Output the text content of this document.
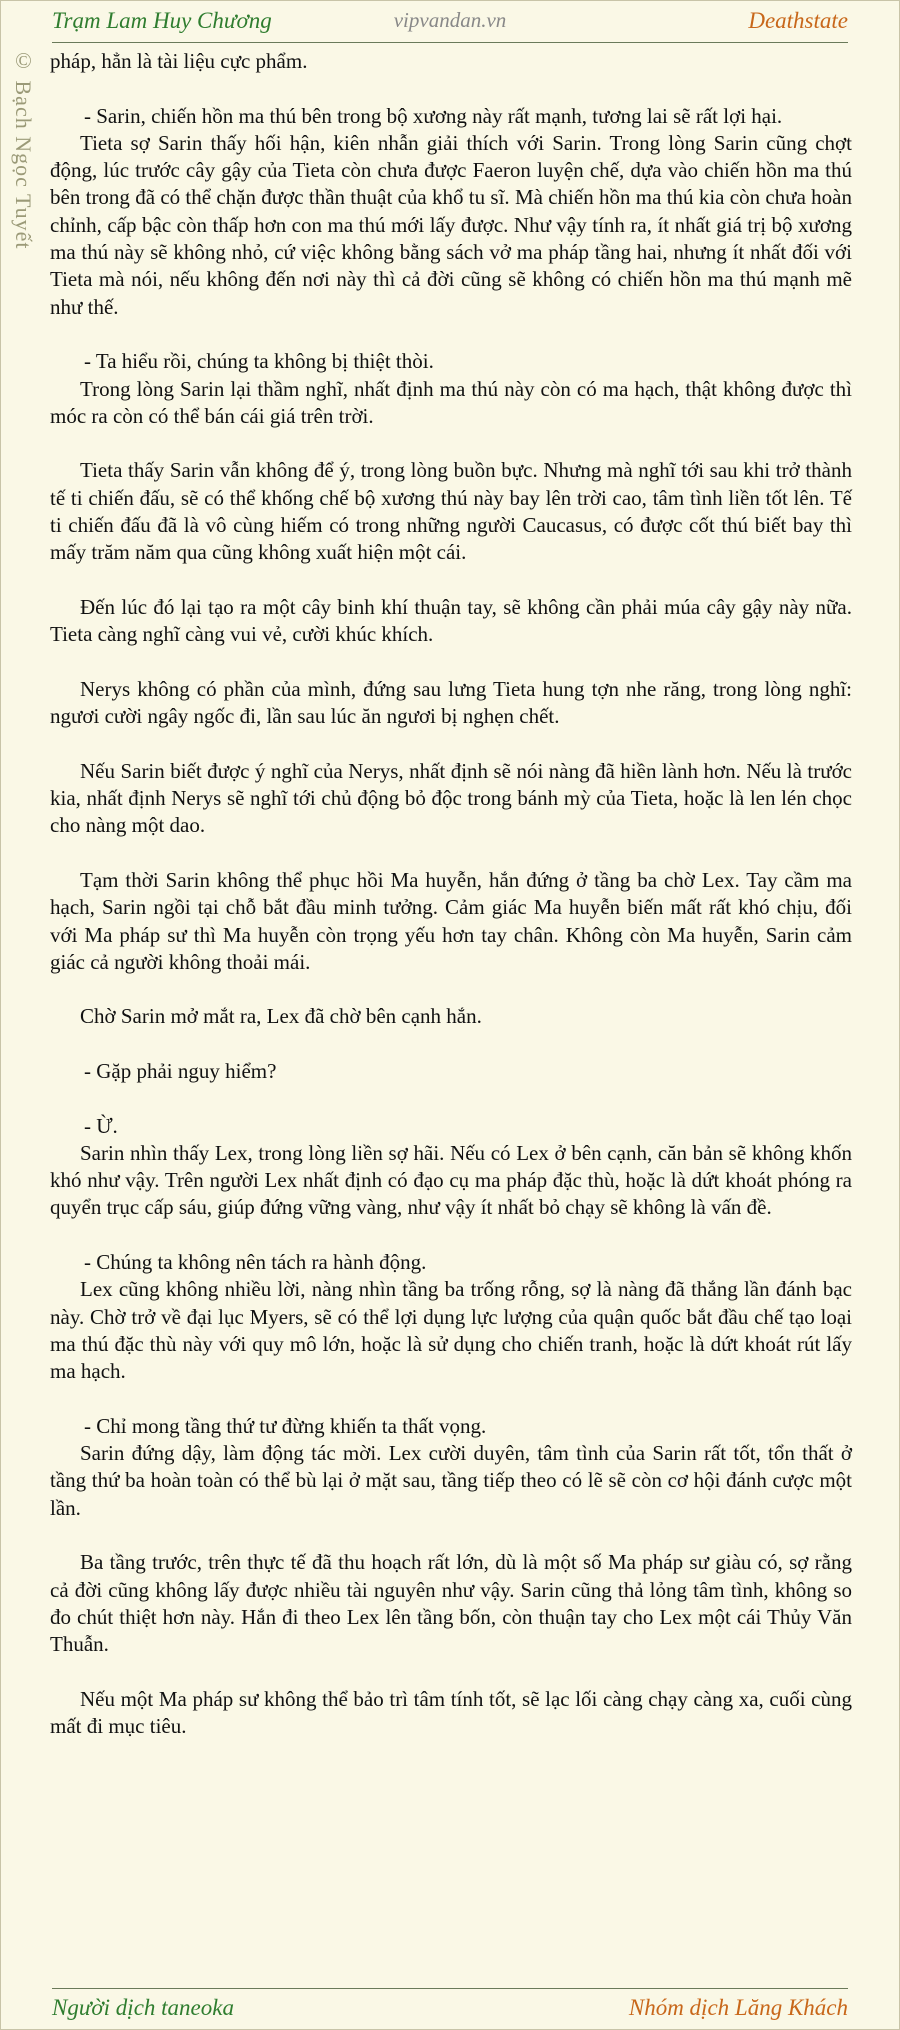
Trạm Lam Huy Chương	vipvandan.vn	Deathstate
© Bạch Ngọc Tuyết pháp, hẳn là tài liệu cực phẩm.

- Sarin, chiến hồn ma thú bên trong bộ xương này rất mạnh, tương lai sẽ rất lợi hại.

Tieta sợ Sarin thấy hối hận, kiên nhẫn giải thích với Sarin. Trong lòng Sarin cũng chợt động, lúc trước cây gậy của Tieta còn chưa được Faeron luyện chế, dựa vào chiến hồn ma thú bên trong đã có thể chặn được thần thuật của khổ tu sĩ. Mà chiến hồn ma thú kia còn chưa hoàn chỉnh, cấp bậc còn thấp hơn con ma thú mới lấy được. Như vậy tính ra, ít nhất giá trị bộ xương ma thú này sẽ không nhỏ, cứ việc không bằng sách vở ma pháp tầng hai, nhưng ít nhất đối với Tieta mà nói, nếu không đến nơi này thì cả đời cũng sẽ không có chiến hồn ma thú mạnh mẽ như thế.

- Ta hiểu rồi, chúng ta không bị thiệt thòi.

Trong lòng Sarin lại thầm nghĩ, nhất định ma thú này còn có ma hạch, thật không được thì móc ra còn có thể bán cái giá trên trời.

Tieta thấy Sarin vẫn không để ý, trong lòng buồn bực. Nhưng mà nghĩ tới sau khi trở thành tế ti chiến đấu, sẽ có thể khống chế bộ xương thú này bay lên trời cao, tâm tình liền tốt lên. Tế ti chiến đấu đã là vô cùng hiếm có trong những người Caucasus, có được cốt thú biết bay thì mấy trăm năm qua cũng không xuất hiện một cái.

Đến lúc đó lại tạo ra một cây binh khí thuận tay, sẽ không cần phải múa cây gậy này nữa. Tieta càng nghĩ càng vui vẻ, cười khúc khích.

Nerys không có phần của mình, đứng sau lưng Tieta hung tợn nhe răng, trong lòng nghĩ: ngươi cười ngây ngốc đi, lần sau lúc ăn ngươi bị nghẹn chết.

Nếu Sarin biết được ý nghĩ của Nerys, nhất định sẽ nói nàng đã hiền lành hơn. Nếu là trước kia, nhất định Nerys sẽ nghĩ tới chủ động bỏ độc trong bánh mỳ của Tieta, hoặc là len lén chọc cho nàng một dao.

Tạm thời Sarin không thể phục hồi Ma huyễn, hắn đứng ở tầng ba chờ Lex. Tay cầm ma hạch, Sarin ngồi tại chỗ bắt đầu minh tưởng. Cảm giác Ma huyễn biến mất rất khó chịu, đối với Ma pháp sư thì Ma huyễn còn trọng yếu hơn tay chân. Không còn Ma huyễn, Sarin cảm giác cả người không thoải mái.

Chờ Sarin mở mắt ra, Lex đã chờ bên cạnh hắn.

- Gặp phải nguy hiểm?

- Ừ.

Sarin nhìn thấy Lex, trong lòng liền sợ hãi. Nếu có Lex ở bên cạnh, căn bản sẽ không khốn khó như vậy. Trên người Lex nhất định có đạo cụ ma pháp đặc thù, hoặc là dứt khoát phóng ra quyển trục cấp sáu, giúp đứng vững vàng, như vậy ít nhất bỏ chạy sẽ không là vấn đề.

- Chúng ta không nên tách ra hành động.

Lex cũng không nhiều lời, nàng nhìn tầng ba trống rỗng, sợ là nàng đã thắng lần đánh bạc này. Chờ trở về đại lục Myers, sẽ có thể lợi dụng lực lượng của quận quốc bắt đầu chế tạo loại ma thú đặc thù này với quy mô lớn, hoặc là sử dụng cho chiến tranh, hoặc là dứt khoát rút lấy ma hạch.

- Chỉ mong tầng thứ tư đừng khiến ta thất vọng.

Sarin đứng dậy, làm động tác mời. Lex cười duyên, tâm tình của Sarin rất tốt, tổn thất ở tầng thứ ba hoàn toàn có thể bù lại ở mặt sau, tầng tiếp theo có lẽ sẽ còn cơ hội đánh cược một lần.

Ba tầng trước, trên thực tế đã thu hoạch rất lớn, dù là một số Ma pháp sư giàu có, sợ rằng cả đời cũng không lấy được nhiều tài nguyên như vậy. Sarin cũng thả lỏng tâm tình, không so đo chút thiệt hơn này. Hắn đi theo Lex lên tầng bốn, còn thuận tay cho Lex một cái Thủy Văn Thuẫn.

Nếu một Ma pháp sư không thể bảo trì tâm tính tốt, sẽ lạc lối càng chạy càng xa, cuối cùng mất đi mục tiêu.

Người dịch taneoka	Nhóm dịch Lăng Khách
